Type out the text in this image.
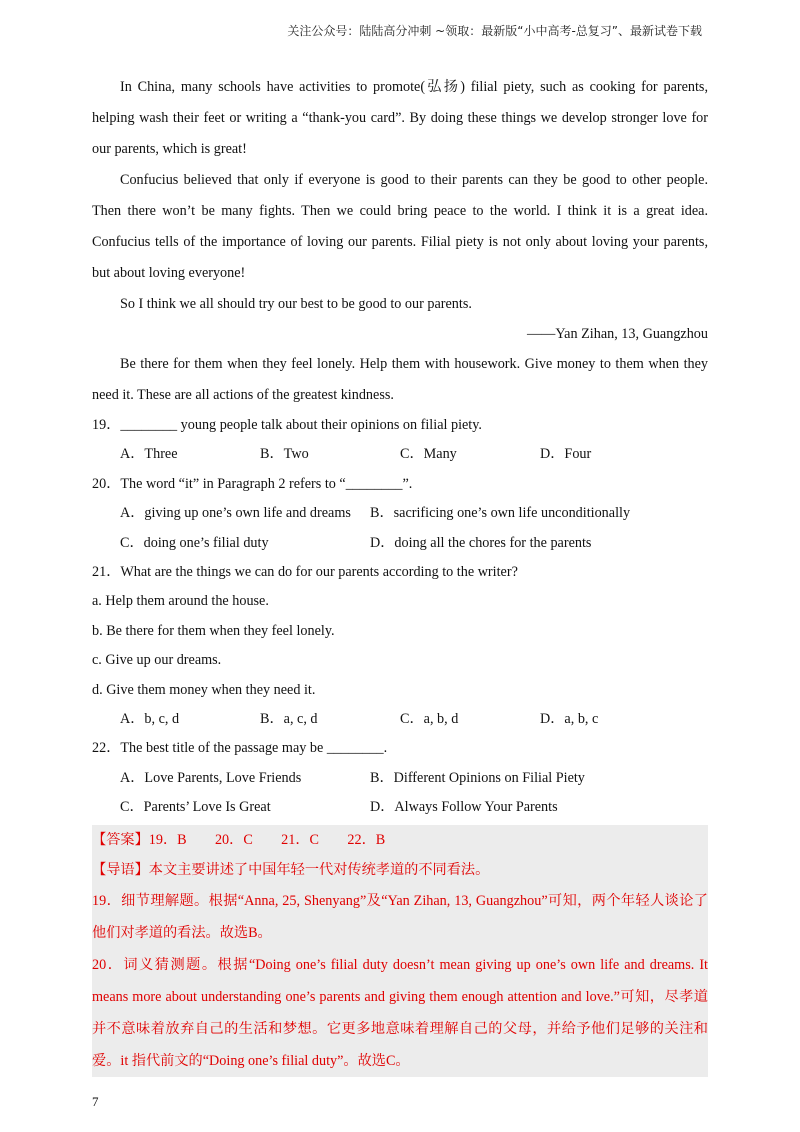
关注公众号：陆陆高分冲刺 ~领取：最新版“小中高考-总复习”、最新试卷下载

In China, many schools have activities to promote(弘扬) filial piety, such as cooking for parents, helping wash their feet or writing a “thank-you card”. By doing these things we develop stronger love for our parents, which is great!

Confucius believed that only if everyone is good to their parents can they be good to other people. Then there won’t be many fights. Then we could bring peace to the world. I think it is a great idea. Confucius tells of the importance of loving our parents. Filial piety is not only about loving your parents, but about loving everyone!

So I think we all should try our best to be good to our parents.

——Yan Zihan, 13, Guangzhou

Be there for them when they feel lonely. Help them with housework. Give money to them when they need it. These are all actions of the greatest kindness.

19．________ young people talk about their opinions on filial piety.

A．Three	B．Two	C．Many	D．Four

20．The word “it” in Paragraph 2 refers to “________”.

A．giving up one’s own life and dreams	B．sacrificing one’s own life unconditionally
C．doing one’s filial duty	D．doing all the chores for the parents

21．What are the things we can do for our parents according to the writer?

a. Help them around the house.

b. Be there for them when they feel lonely.

c. Give up our dreams.

d. Give them money when they need it.

A．b, c, d	B．a, c, d	C．a, b, d	D．a, b, c

22．The best title of the passage may be ________.

A．Love Parents, Love Friends	B．Different Opinions on Filial Piety
C．Parents’ Love Is Great	D．Always Follow Your Parents

【答案】19．B　　20．C　　21．C　　22．B

【导语】本文主要讲述了中国年轻一代对传统孝道的不同看法。

19．细节理解题。根据“Anna, 25, Shenyang”及“Yan Zihan, 13, Guangzhou”可知，两个年轻人谈论了他们对孝道的看法。故选B。

20．词义猜测题。根据“Doing one’s filial duty doesn’t mean giving up one’s own life and dreams. It means more about understanding one’s parents and giving them enough attention and love.”可知，尽孝道并不意味着放弃自己的生活和梦想。它更多地意味着理解自己的父母，并给予他们足够的关注和爱。it 指代前文的“Doing one’s filial duty”。故选C。

7
